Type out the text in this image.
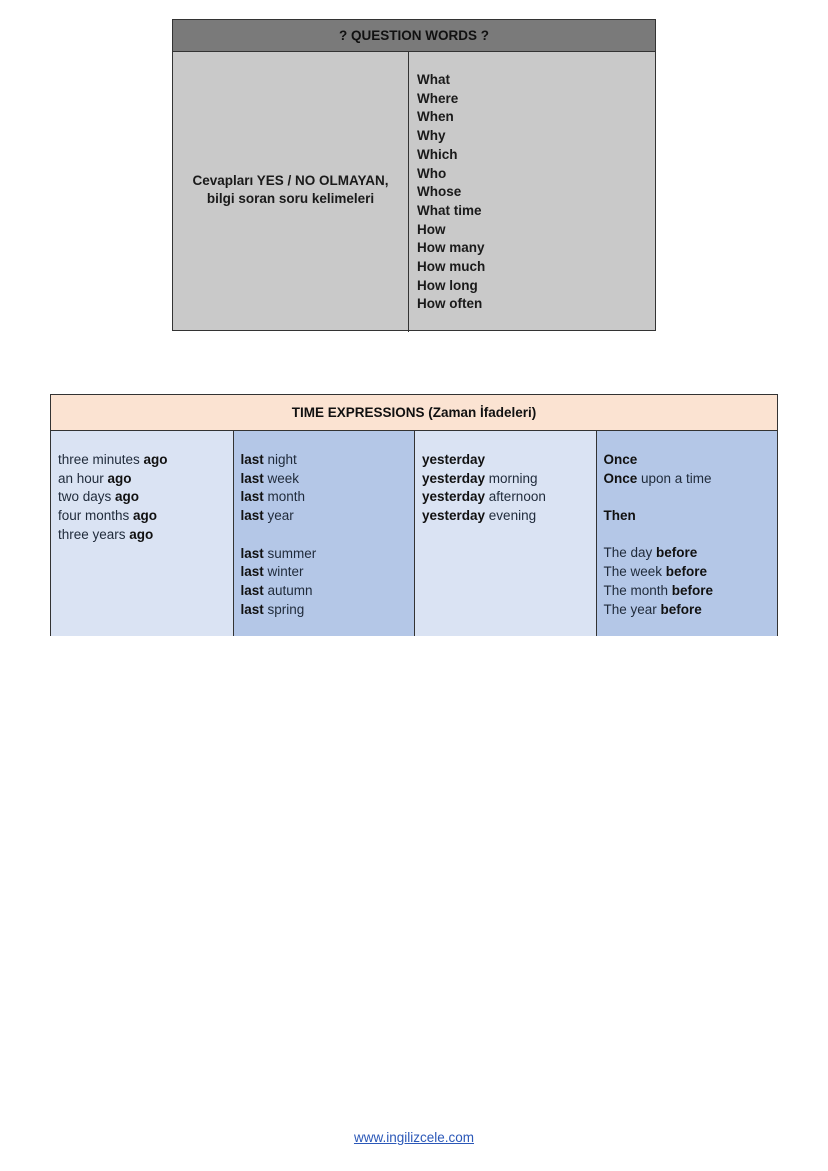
? QUESTION WORDS ?
Cevapları YES / NO OLMAYAN,
bilgi soran soru kelimeleri
What
Where
When
Why
Which
Who
Whose
What time
How
How many
How much
How long
How often
TIME EXPRESSIONS (Zaman İfadeleri)
three minutes ago
an hour ago
two days ago
four months ago
three years ago
last night
last week
last month
last year
last summer
last winter
last autumn
last spring
yesterday
yesterday morning
yesterday afternoon
yesterday evening
Once
Once upon a time
Then
The day before
The week before
The month before
The year before
www.ingilizcele.com
